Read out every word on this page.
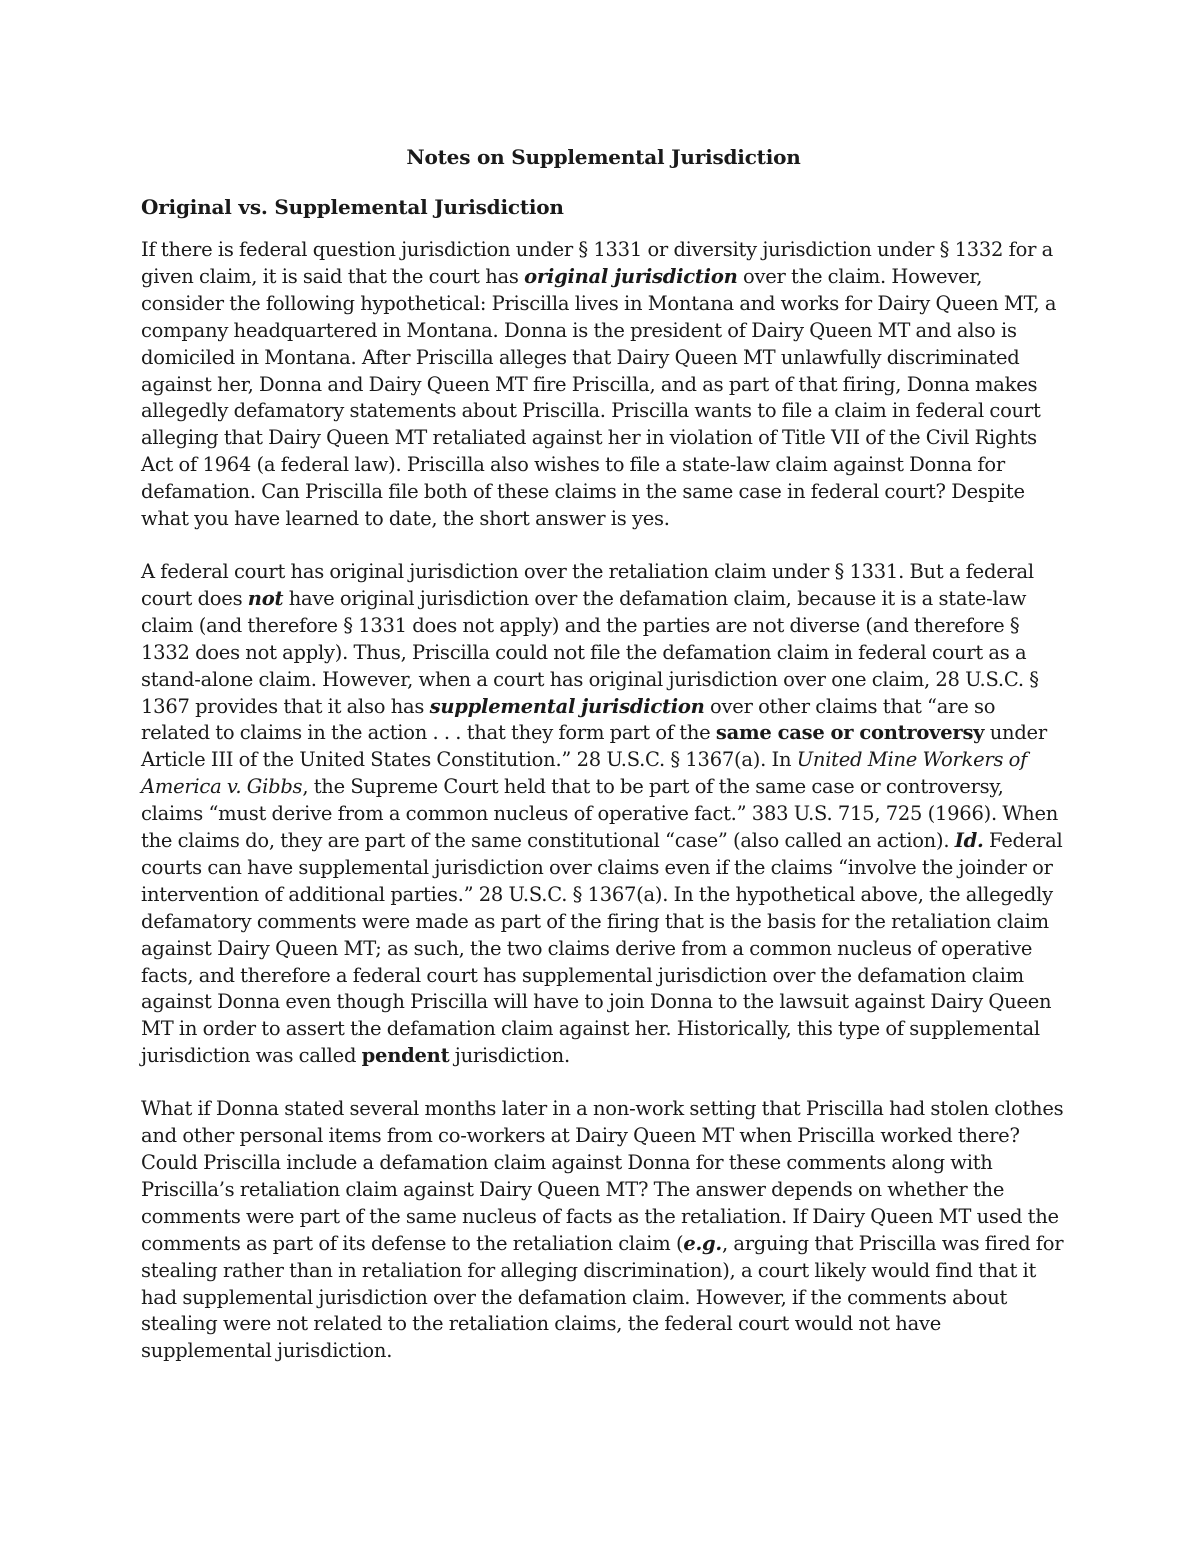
Notes on Supplemental Jurisdiction
Original vs. Supplemental Jurisdiction

If there is federal question jurisdiction under § 1331 or diversity jurisdiction under § 1332 for a given claim, it is said that the court has original jurisdiction over the claim. However, consider the following hypothetical: Priscilla lives in Montana and works for Dairy Queen MT, a company headquartered in Montana. Donna is the president of Dairy Queen MT and also is domiciled in Montana. After Priscilla alleges that Dairy Queen MT unlawfully discriminated against her, Donna and Dairy Queen MT fire Priscilla, and as part of that firing, Donna makes allegedly defamatory statements about Priscilla. Priscilla wants to file a claim in federal court alleging that Dairy Queen MT retaliated against her in violation of Title VII of the Civil Rights Act of 1964 (a federal law). Priscilla also wishes to file a state-law claim against Donna for defamation. Can Priscilla file both of these claims in the same case in federal court? Despite what you have learned to date, the short answer is yes.

A federal court has original jurisdiction over the retaliation claim under § 1331. But a federal court does not have original jurisdiction over the defamation claim, because it is a state-law claim (and therefore § 1331 does not apply) and the parties are not diverse (and therefore § 1332 does not apply). Thus, Priscilla could not file the defamation claim in federal court as a stand-alone claim. However, when a court has original jurisdiction over one claim, 28 U.S.C. § 1367 provides that it also has supplemental jurisdiction over other claims that “are so related to claims in the action . . . that they form part of the same case or controversy under Article III of the United States Constitution.” 28 U.S.C. § 1367(a). In United Mine Workers of America v. Gibbs, the Supreme Court held that to be part of the same case or controversy, claims “must derive from a common nucleus of operative fact.” 383 U.S. 715, 725 (1966). When the claims do, they are part of the same constitutional “case” (also called an action). Id. Federal courts can have supplemental jurisdiction over claims even if the claims “involve the joinder or intervention of additional parties.” 28 U.S.C. § 1367(a). In the hypothetical above, the allegedly defamatory comments were made as part of the firing that is the basis for the retaliation claim against Dairy Queen MT; as such, the two claims derive from a common nucleus of operative facts, and therefore a federal court has supplemental jurisdiction over the defamation claim against Donna even though Priscilla will have to join Donna to the lawsuit against Dairy Queen MT in order to assert the defamation claim against her. Historically, this type of supplemental jurisdiction was called pendent jurisdiction.

What if Donna stated several months later in a non-work setting that Priscilla had stolen clothes and other personal items from co-workers at Dairy Queen MT when Priscilla worked there? Could Priscilla include a defamation claim against Donna for these comments along with Priscilla’s retaliation claim against Dairy Queen MT? The answer depends on whether the comments were part of the same nucleus of facts as the retaliation. If Dairy Queen MT used the comments as part of its defense to the retaliation claim (e.g., arguing that Priscilla was fired for stealing rather than in retaliation for alleging discrimination), a court likely would find that it had supplemental jurisdiction over the defamation claim. However, if the comments about stealing were not related to the retaliation claims, the federal court would not have supplemental jurisdiction.
